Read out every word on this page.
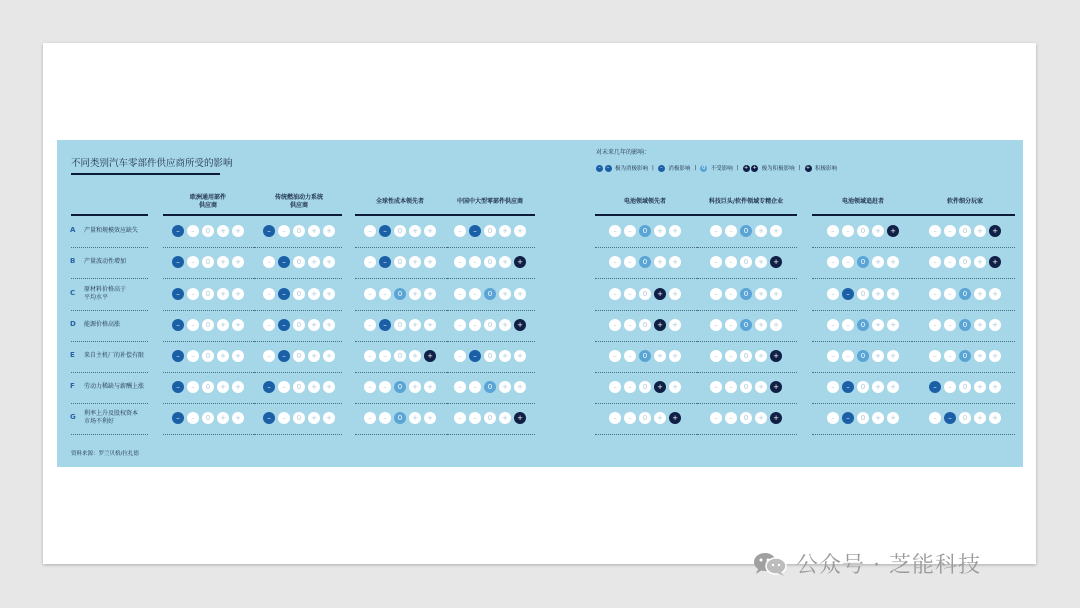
不同类别汽车零部件供应商所受的影响
对未来几年的影响：
–	–	极为消极影响 |	–	消极影响 |	0 不受影响 | + + 极为积极影响 | + 积极影响
欧洲通用部件
供应商
传统燃油动力系统
供应商
全球性成本领先者	中国中大型零部件供应商	电池领域领先者	科技巨头/软件领域专精企业	电池领域追赶者	软件细分玩家
A 产量和规模效应缺失	–	–	0	+	+	–	–	0	+	+	–	–	0	+	+	–	–	0	+	+	–	–	0	+	+	–	–	0	+	+	–	–	0	+	+	–	–	0	+	+
B 产量波动性增加	–	–	0	+	+	–	–	0	+	+	–	–	0	+	+	–	–	0	+	+	–	–	0	+	+	–	–	0	+	+	–	–	0	+	+	–	–	0	+	+
C 原材料价格高于
平均水平	–	–	0	+	+	–	–	0	+	+	–	–	0	+	+	–	–	0	+	+	–	–	0	+	+	–	–	0	+	+	–	–	0	+	+	–	–	0	+	+
D 能源价格高涨	–	–	0	+	+	–	–	0	+	+	–	–	0	+	+	–	–	0	+	+	–	–	0	+	+	–	–	0	+	+	–	–	0	+	+	–	–	0	+	+
E 来自主机厂的补偿有限	–	–	0	+	+	–	–	0	+	+	–	–	0	+	+	–	–	0	+	+	–	–	0	+	+	–	–	0	+	+	–	–	0	+	+	–	–	0	+	+
F 劳动力稀缺与薪酬上涨	–	–	0	+	+	–	–	0	+	+	–	–	0	+	+	–	–	0	+	+	–	–	0	+	+	–	–	0	+	+	–	–	0	+	+	–	–	0	+	+
G 利率上升及股权资本
市场不利好	–	–	0	+	+	–	–	0	+	+	–	–	0	+	+	–	–	0	+	+	–	–	0	+	+	–	–	0	+	+	–	–	0	+	+	–	–	0	+	+
资料来源：罗兰贝格/拉扎德
公众号 · 芝能科技
